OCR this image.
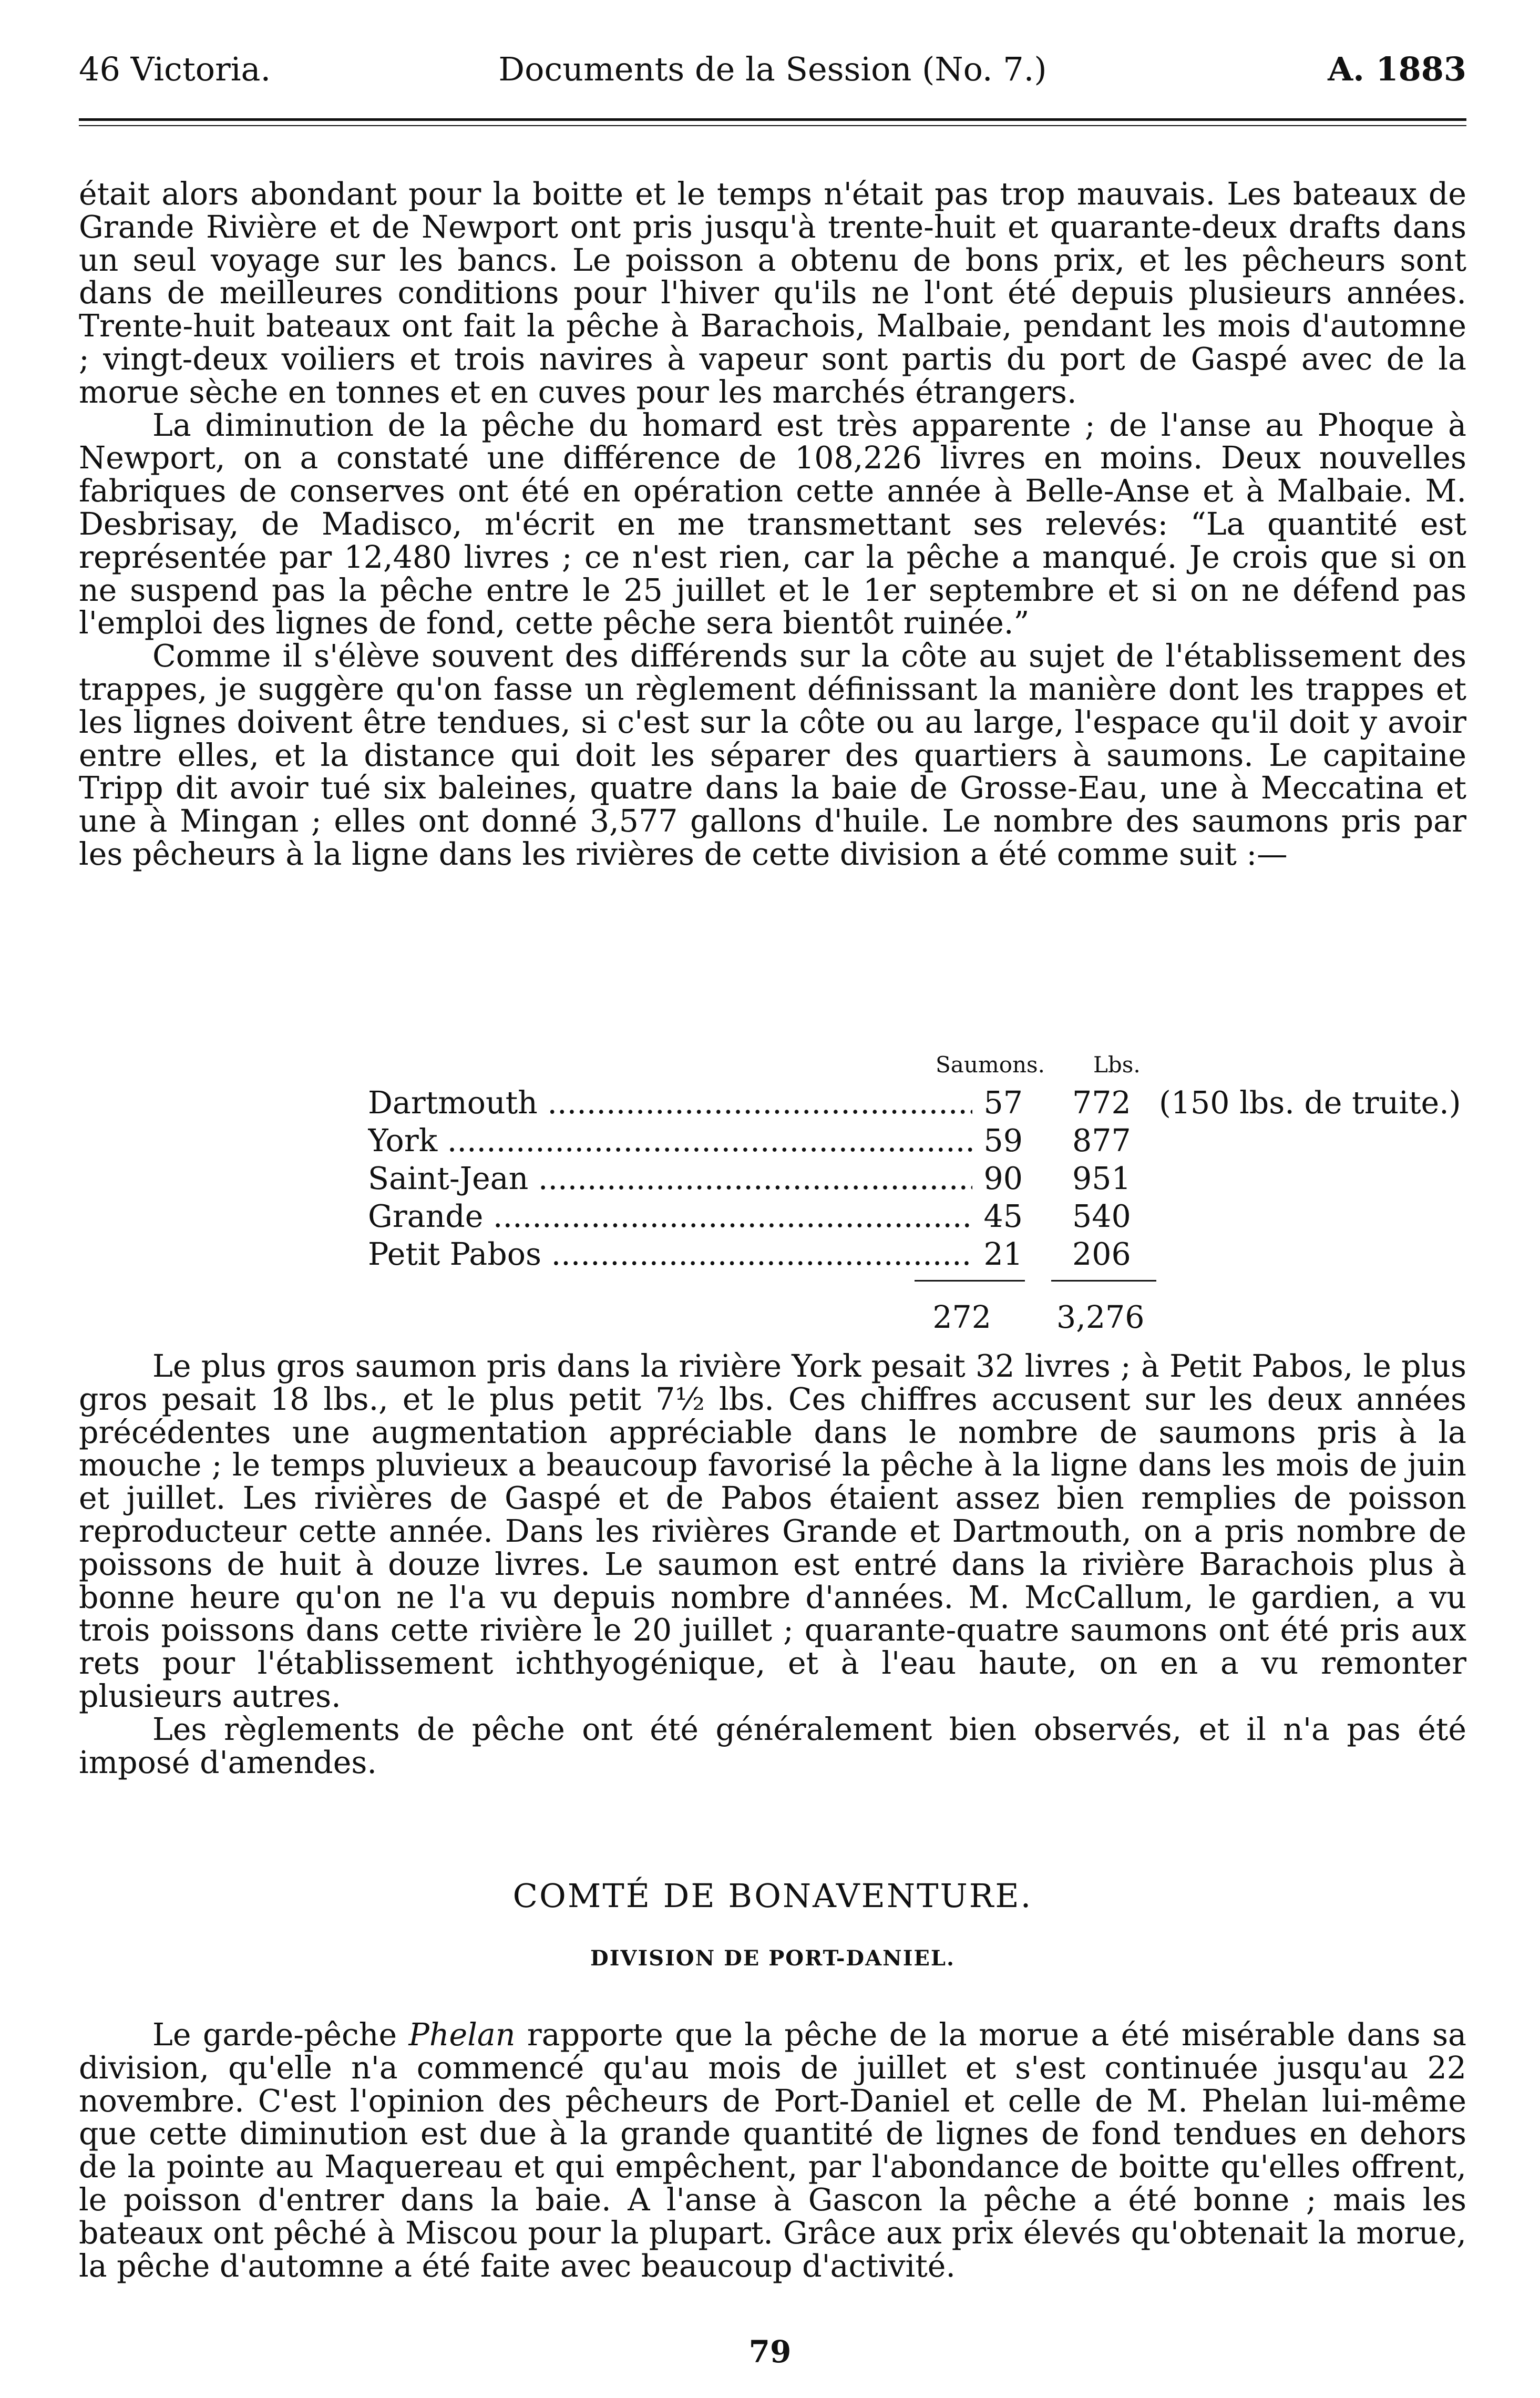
46 Victoria.	Documents de la Session (No. 7.)	A. 1883

était alors abondant pour la boitte et le temps n'était pas trop mauvais. Les bateaux de Grande Rivière et de Newport ont pris jusqu'à trente-huit et quarante-deux drafts dans un seul voyage sur les bancs. Le poisson a obtenu de bons prix, et les pêcheurs sont dans de meilleures conditions pour l'hiver qu'ils ne l'ont été depuis plusieurs années. Trente-huit bateaux ont fait la pêche à Barachois, Malbaie, pendant les mois d'automne ; vingt-deux voiliers et trois navires à vapeur sont partis du port de Gaspé avec de la morue sèche en tonnes et en cuves pour les marchés étrangers.

La diminution de la pêche du homard est très apparente ; de l'anse au Phoque à Newport, on a constaté une différence de 108,226 livres en moins. Deux nouvelles fabriques de conserves ont été en opération cette année à Belle-Anse et à Malbaie. M. Desbrisay, de Madisco, m'écrit en me transmettant ses relevés: “La quantité est représentée par 12,480 livres ; ce n'est rien, car la pêche a manqué. Je crois que si on ne suspend pas la pêche entre le 25 juillet et le 1er septembre et si on ne défend pas l'emploi des lignes de fond, cette pêche sera bientôt ruinée.”

Comme il s'élève souvent des différends sur la côte au sujet de l'établissement des trappes, je suggère qu'on fasse un règlement définissant la manière dont les trappes et les lignes doivent être tendues, si c'est sur la côte ou au large, l'espace qu'il doit y avoir entre elles, et la distance qui doit les séparer des quartiers à saumons. Le capitaine Tripp dit avoir tué six baleines, quatre dans la baie de Grosse-Eau, une à Meccatina et une à Mingan ; elles ont donné 3,577 gallons d'huile. Le nombre des saumons pris par les pêcheurs à la ligne dans les rivières de cette division a été comme suit :—

Saumons. Lbs.
Dartmouth .....	57 772 (150 lbs. de truite.)
York .....	59 877
Saint-Jean .....	90 951
Grande .....	45 540
Petit Pabos .....	21 206
272 3,276

Le plus gros saumon pris dans la rivière York pesait 32 livres ; à Petit Pabos, le plus gros pesait 18 lbs., et le plus petit 7½ lbs. Ces chiffres accusent sur les deux années précédentes une augmentation appréciable dans le nombre de saumons pris à la mouche ; le temps pluvieux a beaucoup favorisé la pêche à la ligne dans les mois de juin et juillet. Les rivières de Gaspé et de Pabos étaient assez bien remplies de poisson reproducteur cette année. Dans les rivières Grande et Dartmouth, on a pris nombre de poissons de huit à douze livres. Le saumon est entré dans la rivière Barachois plus à bonne heure qu'on ne l'a vu depuis nombre d'années. M. McCallum, le gardien, a vu trois poissons dans cette rivière le 20 juillet ; quarante-quatre saumons ont été pris aux rets pour l'établissement ichthyogénique, et à l'eau haute, on en a vu remonter plusieurs autres.

Les règlements de pêche ont été généralement bien observés, et il n'a pas été imposé d'amendes.

COMTÉ DE BONAVENTURE.
DIVISION DE PORT-DANIEL.

Le garde-pêche Phelan rapporte que la pêche de la morue a été misérable dans sa division, qu'elle n'a commencé qu'au mois de juillet et s'est continuée jusqu'au 22 novembre. C'est l'opinion des pêcheurs de Port-Daniel et celle de M. Phelan lui-même que cette diminution est due à la grande quantité de lignes de fond tendues en dehors de la pointe au Maquereau et qui empêchent, par l'abondance de boitte qu'elles offrent, le poisson d'entrer dans la baie. A l'anse à Gascon la pêche a été bonne ; mais les bateaux ont pêché à Miscou pour la plupart. Grâce aux prix élevés qu'obtenait la morue, la pêche d'automne a été faite avec beaucoup d'activité.

79
